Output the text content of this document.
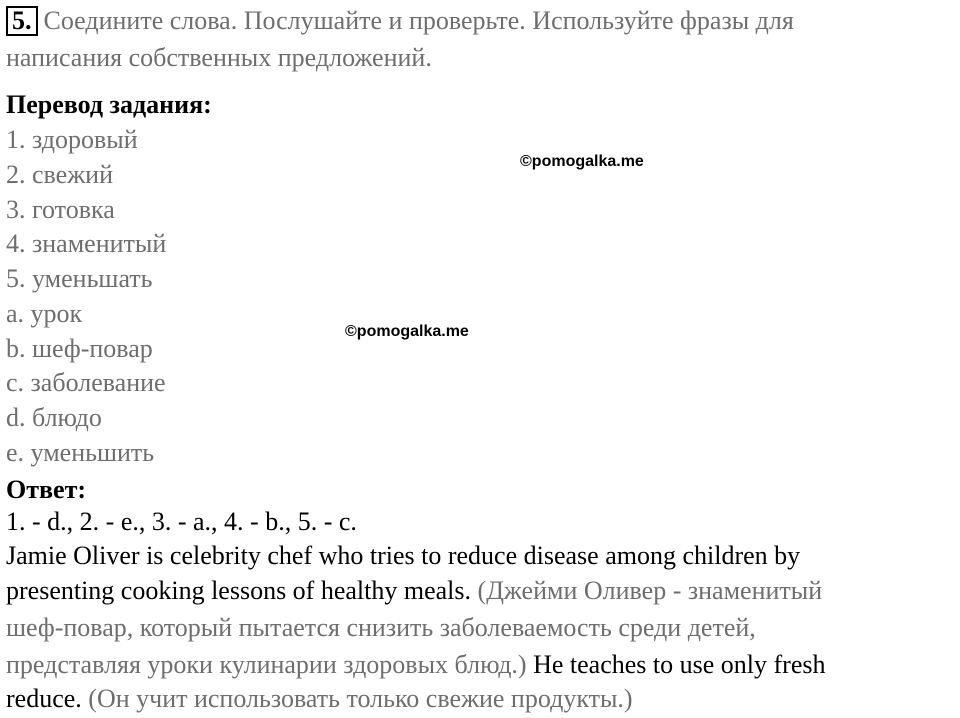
5. Соедините слова. Послушайте и проверьте. Используйте фразы для
написания собственных предложений.
Перевод задания:
1. здоровый
2. свежий
3. готовка
4. знаменитый
5. уменьшать
a. урок
b. шеф-повар
c. заболевание
d. блюдо
e. уменьшить
Ответ:
1. - d., 2. - e., 3. - a., 4. - b., 5. - c.
Jamie Oliver is celebrity chef who tries to reduce disease among children by
presenting cooking lessons of healthy meals. (Джейми Оливер - знаменитый
шеф-повар, который пытается снизить заболеваемость среди детей,
представляя уроки кулинарии здоровых блюд.) He teaches to use only fresh
reduce. (Он учит использовать только свежие продукты.)
©pomogalka.me
©pomogalka.me
